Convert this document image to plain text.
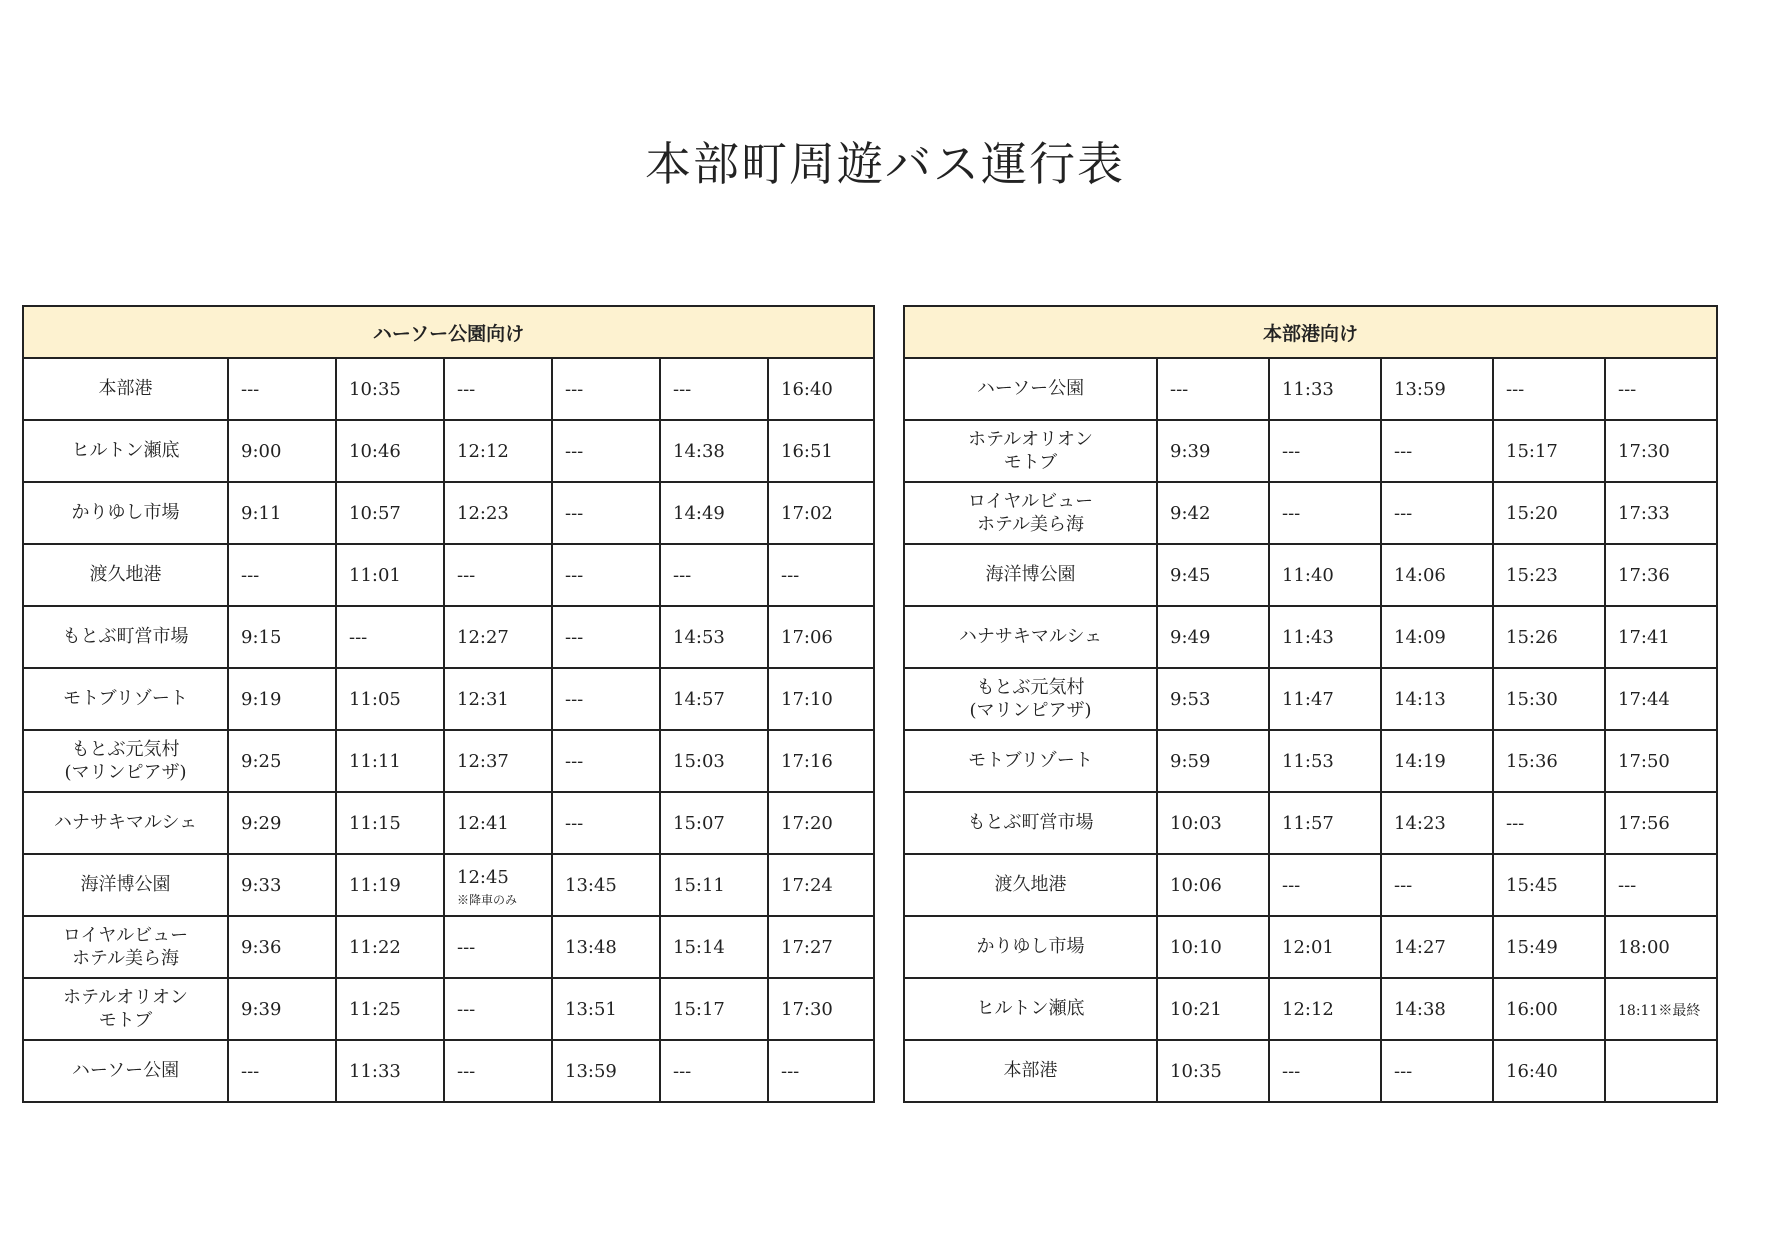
本部町周遊バス運行表
ハーソー公園向け						

本部港	---	10:35	---	---	---	16:40

ヒルトン瀬底	9:00	10:46	12:12	---	14:38	16:51

かりゆし市場	9:11	10:57	12:23	---	14:49	17:02

渡久地港	---	11:01	---	---	---	---

もとぶ町営市場	9:15	---	12:27	---	14:53	17:06

モトブリゾート	9:19	11:05	12:31	---	14:57	17:10

もとぶ元気村
(マリンピアザ)	9:25	11:11	12:37	---	15:03	17:16

ハナサキマルシェ	9:29	11:15	12:41	---	15:07	17:20

海洋博公園	9:33	11:19	12:45
※降車のみ	13:45	15:11	17:24

ロイヤルビュー
ホテル美ら海	9:36	11:22	---	13:48	15:14	17:27

ホテルオリオン
モトブ	9:39	11:25	---	13:51	15:17	17:30

ハーソー公園	---	11:33	---	13:59	---	---
本部港向け					

ハーソー公園	---	11:33	13:59	---	---

ホテルオリオン
モトブ	9:39	---	---	15:17	17:30

ロイヤルビュー
ホテル美ら海	9:42	---	---	15:20	17:33

海洋博公園	9:45	11:40	14:06	15:23	17:36

ハナサキマルシェ	9:49	11:43	14:09	15:26	17:41

もとぶ元気村
(マリンピアザ)	9:53	11:47	14:13	15:30	17:44

モトブリゾート	9:59	11:53	14:19	15:36	17:50

もとぶ町営市場	10:03	11:57	14:23	---	17:56

渡久地港	10:06	---	---	15:45	---

かりゆし市場	10:10	12:01	14:27	15:49	18:00

ヒルトン瀬底	10:21	12:12	14:38	16:00	18:11※最終

本部港	10:35	---	---	16:40	
